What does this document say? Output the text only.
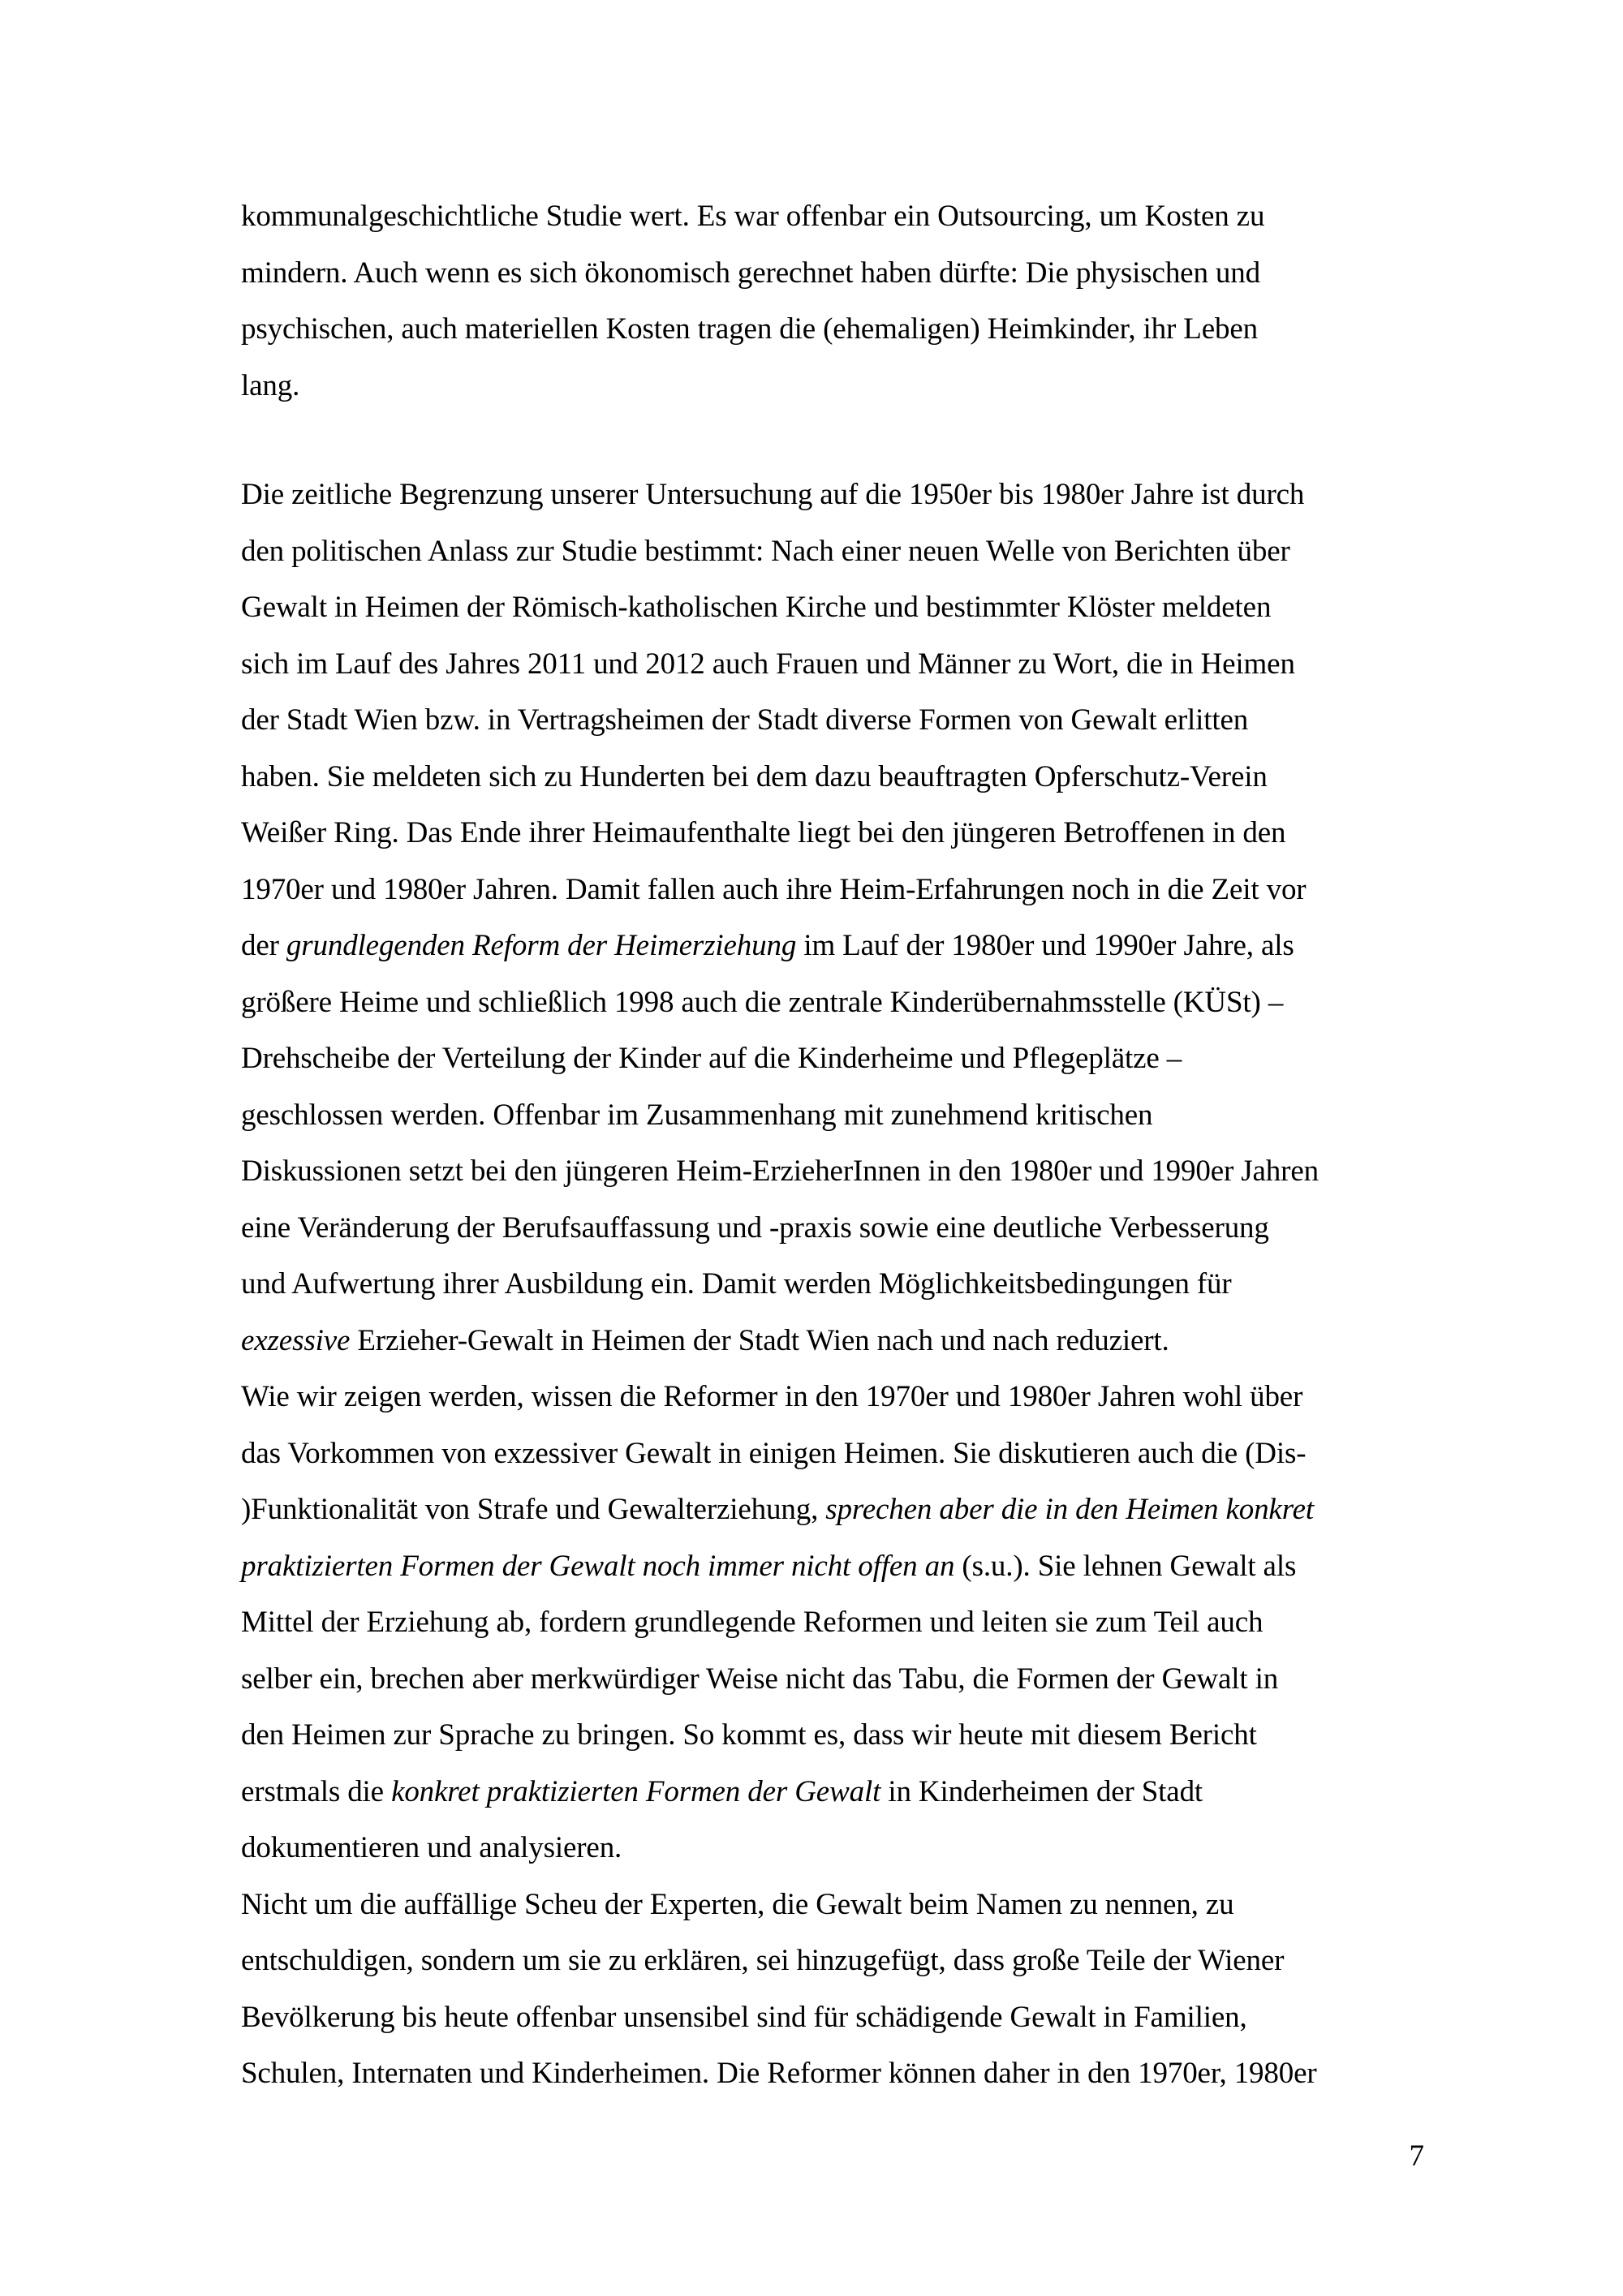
kommunalgeschichtliche Studie wert. Es war offenbar ein Outsourcing, um Kosten zu
mindern. Auch wenn es sich ökonomisch gerechnet haben dürfte: Die physischen und
psychischen, auch materiellen Kosten tragen die (ehemaligen) Heimkinder, ihr Leben
lang.
Die zeitliche Begrenzung unserer Untersuchung auf die 1950er bis 1980er Jahre ist durch
den politischen Anlass zur Studie bestimmt: Nach einer neuen Welle von Berichten über
Gewalt in Heimen der Römisch-katholischen Kirche und bestimmter Klöster meldeten
sich im Lauf des Jahres 2011 und 2012 auch Frauen und Männer zu Wort, die in Heimen
der Stadt Wien bzw. in Vertragsheimen der Stadt diverse Formen von Gewalt erlitten
haben. Sie meldeten sich zu Hunderten bei dem dazu beauftragten Opferschutz-Verein
Weißer Ring. Das Ende ihrer Heimaufenthalte liegt bei den jüngeren Betroffenen in den
1970er und 1980er Jahren. Damit fallen auch ihre Heim-Erfahrungen noch in die Zeit vor
der grundlegenden Reform der Heimerziehung im Lauf der 1980er und 1990er Jahre, als
größere Heime und schließlich 1998 auch die zentrale Kinderübernahmsstelle (KÜSt) –
Drehscheibe der Verteilung der Kinder auf die Kinderheime und Pflegeplätze –
geschlossen werden. Offenbar im Zusammenhang mit zunehmend kritischen
Diskussionen setzt bei den jüngeren Heim-ErzieherInnen in den 1980er und 1990er Jahren
eine Veränderung der Berufsauffassung und -praxis sowie eine deutliche Verbesserung
und Aufwertung ihrer Ausbildung ein. Damit werden Möglichkeitsbedingungen für
exzessive Erzieher-Gewalt in Heimen der Stadt Wien nach und nach reduziert.
Wie wir zeigen werden, wissen die Reformer in den 1970er und 1980er Jahren wohl über
das Vorkommen von exzessiver Gewalt in einigen Heimen. Sie diskutieren auch die (Dis-
)Funktionalität von Strafe und Gewalterziehung, sprechen aber die in den Heimen konkret
praktizierten Formen der Gewalt noch immer nicht offen an (s.u.). Sie lehnen Gewalt als
Mittel der Erziehung ab, fordern grundlegende Reformen und leiten sie zum Teil auch
selber ein, brechen aber merkwürdiger Weise nicht das Tabu, die Formen der Gewalt in
den Heimen zur Sprache zu bringen. So kommt es, dass wir heute mit diesem Bericht
erstmals die konkret praktizierten Formen der Gewalt in Kinderheimen der Stadt
dokumentieren und analysieren.
Nicht um die auffällige Scheu der Experten, die Gewalt beim Namen zu nennen, zu
entschuldigen, sondern um sie zu erklären, sei hinzugefügt, dass große Teile der Wiener
Bevölkerung bis heute offenbar unsensibel sind für schädigende Gewalt in Familien,
Schulen, Internaten und Kinderheimen. Die Reformer können daher in den 1970er, 1980er
7
